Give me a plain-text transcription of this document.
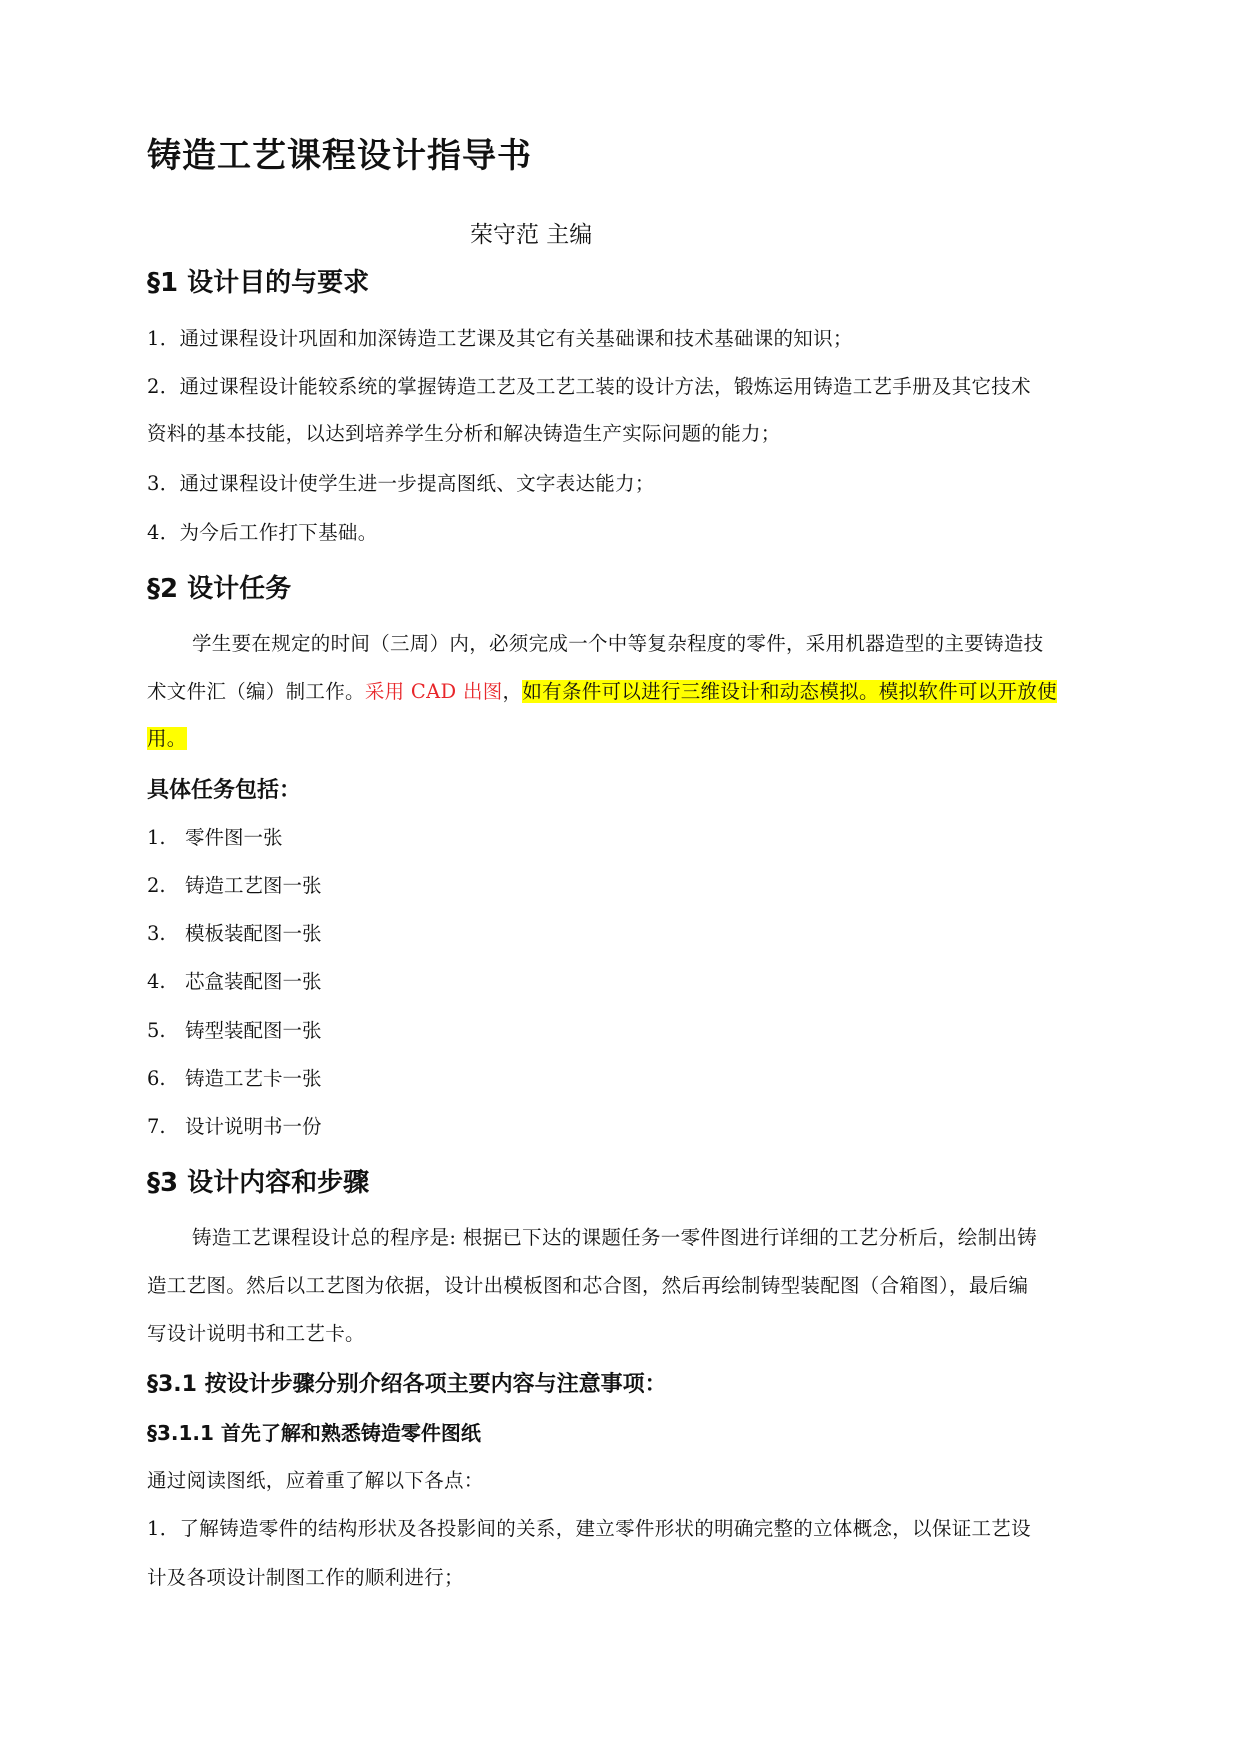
铸造工艺课程设计指导书
荣守范 主编
§1 设计目的与要求
1．通过课程设计巩固和加深铸造工艺课及其它有关基础课和技术基础课的知识；
2．通过课程设计能较系统的掌握铸造工艺及工艺工装的设计方法，锻炼运用铸造工艺手册及其它技术
资料的基本技能，以达到培养学生分析和解决铸造生产实际问题的能力；
3．通过课程设计使学生进一步提高图纸、文字表达能力；
4．为今后工作打下基础。
§2 设计任务
学生要在规定的时间（三周）内，必须完成一个中等复杂程度的零件，采用机器造型的主要铸造技
术文件汇（编）制工作。采用 CAD 出图，如有条件可以进行三维设计和动态模拟。模拟软件可以开放使
用。
具体任务包括：
1. 零件图一张
2. 铸造工艺图一张
3. 模板装配图一张
4. 芯盒装配图一张
5. 铸型装配图一张
6. 铸造工艺卡一张
7. 设计说明书一份
§3 设计内容和步骤
铸造工艺课程设计总的程序是: 根据已下达的课题任务一零件图进行详细的工艺分析后，绘制出铸
造工艺图。然后以工艺图为依据，设计出模板图和芯合图，然后再绘制铸型装配图（合箱图），最后编
写设计说明书和工艺卡。
§3.1 按设计步骤分别介绍各项主要内容与注意事项：
§3.1.1 首先了解和熟悉铸造零件图纸
通过阅读图纸，应着重了解以下各点：
1．了解铸造零件的结构形状及各投影间的关系，建立零件形状的明确完整的立体概念，以保证工艺设
计及各项设计制图工作的顺利进行；
